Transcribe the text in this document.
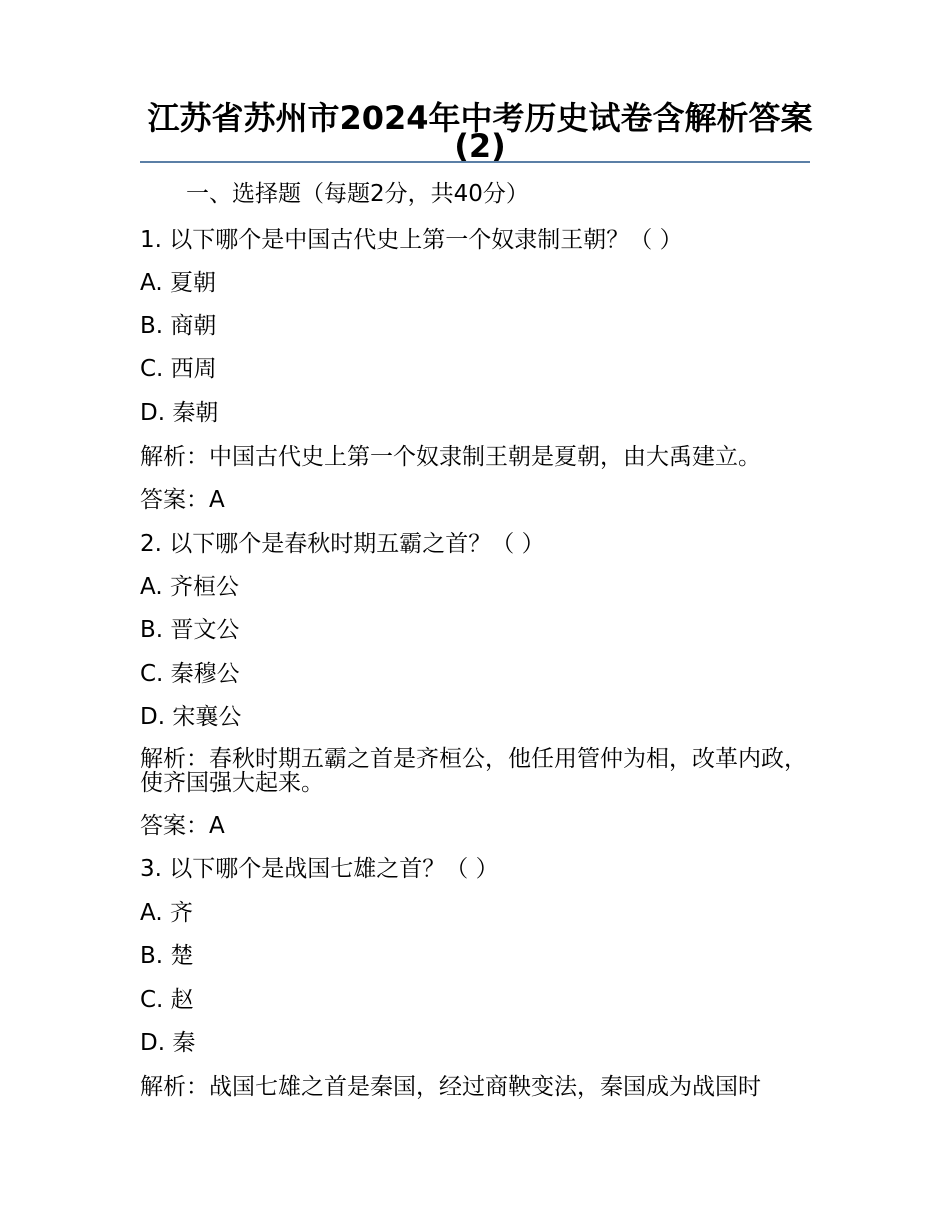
江苏省苏州市2024年中考历史试卷含解析答案(2)
一、选择题（每题2分，共40分）
1. 以下哪个是中国古代史上第一个奴隶制王朝？（ ）
A. 夏朝
B. 商朝
C. 西周
D. 秦朝
解析：中国古代史上第一个奴隶制王朝是夏朝，由大禹建立。
答案：A
2. 以下哪个是春秋时期五霸之首？（ ）
A. 齐桓公
B. 晋文公
C. 秦穆公
D. 宋襄公
解析：春秋时期五霸之首是齐桓公，他任用管仲为相，改革内政，使齐国强大起来。
答案：A
3. 以下哪个是战国七雄之首？（ ）
A. 齐
B. 楚
C. 赵
D. 秦
解析：战国七雄之首是秦国，经过商鞅变法，秦国成为战国时
